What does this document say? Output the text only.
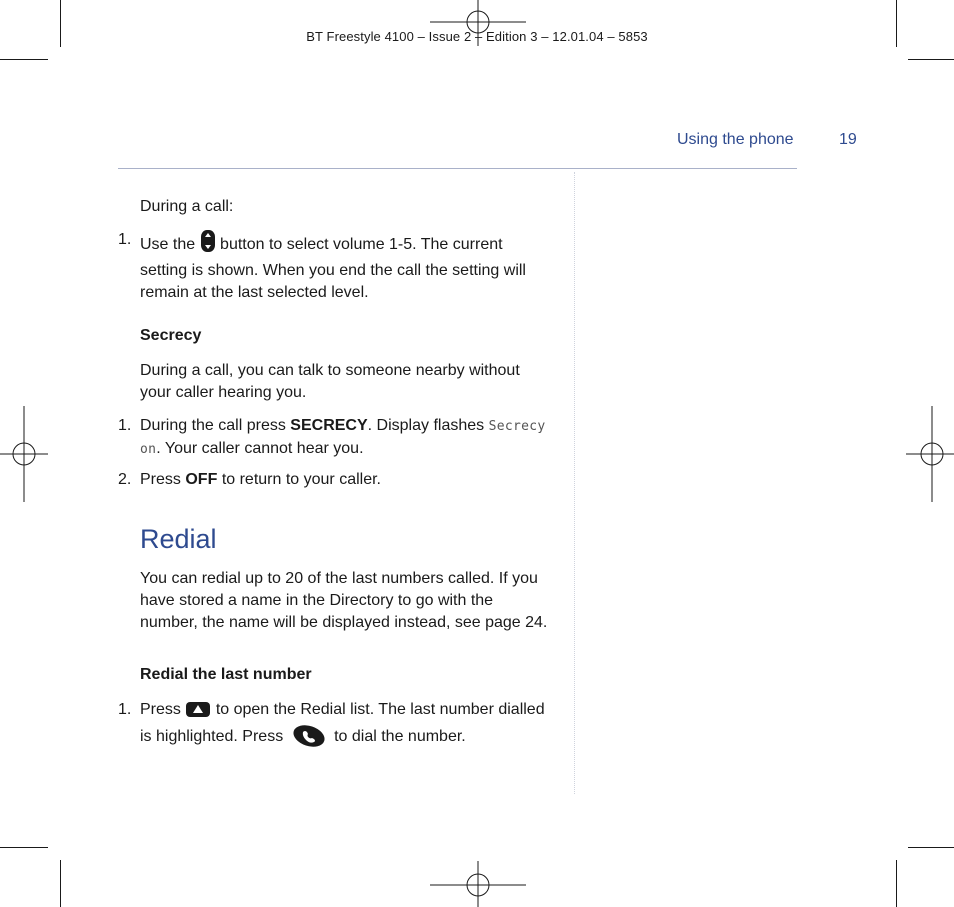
BT Freestyle 4100 – Issue 2 – Edition 3 – 12.01.04 – 5853
Using the phone	19
During a call:
1. Use the button to select volume 1-5. The current
setting is shown. When you end the call the setting will
remain at the last selected level.
Secrecy
During a call, you can talk to someone nearby without
your caller hearing you.
1. During the call press SECRECY. Display flashes Secrecy
on. Your caller cannot hear you.
2. Press OFF to return to your caller.
Redial
You can redial up to 20 of the last numbers called. If you
have stored a name in the Directory to go with the
number, the name will be displayed instead, see page 24.
Redial the last number
1. Press to open the Redial list. The last number dialled
is highlighted. Press	to dial the number.
